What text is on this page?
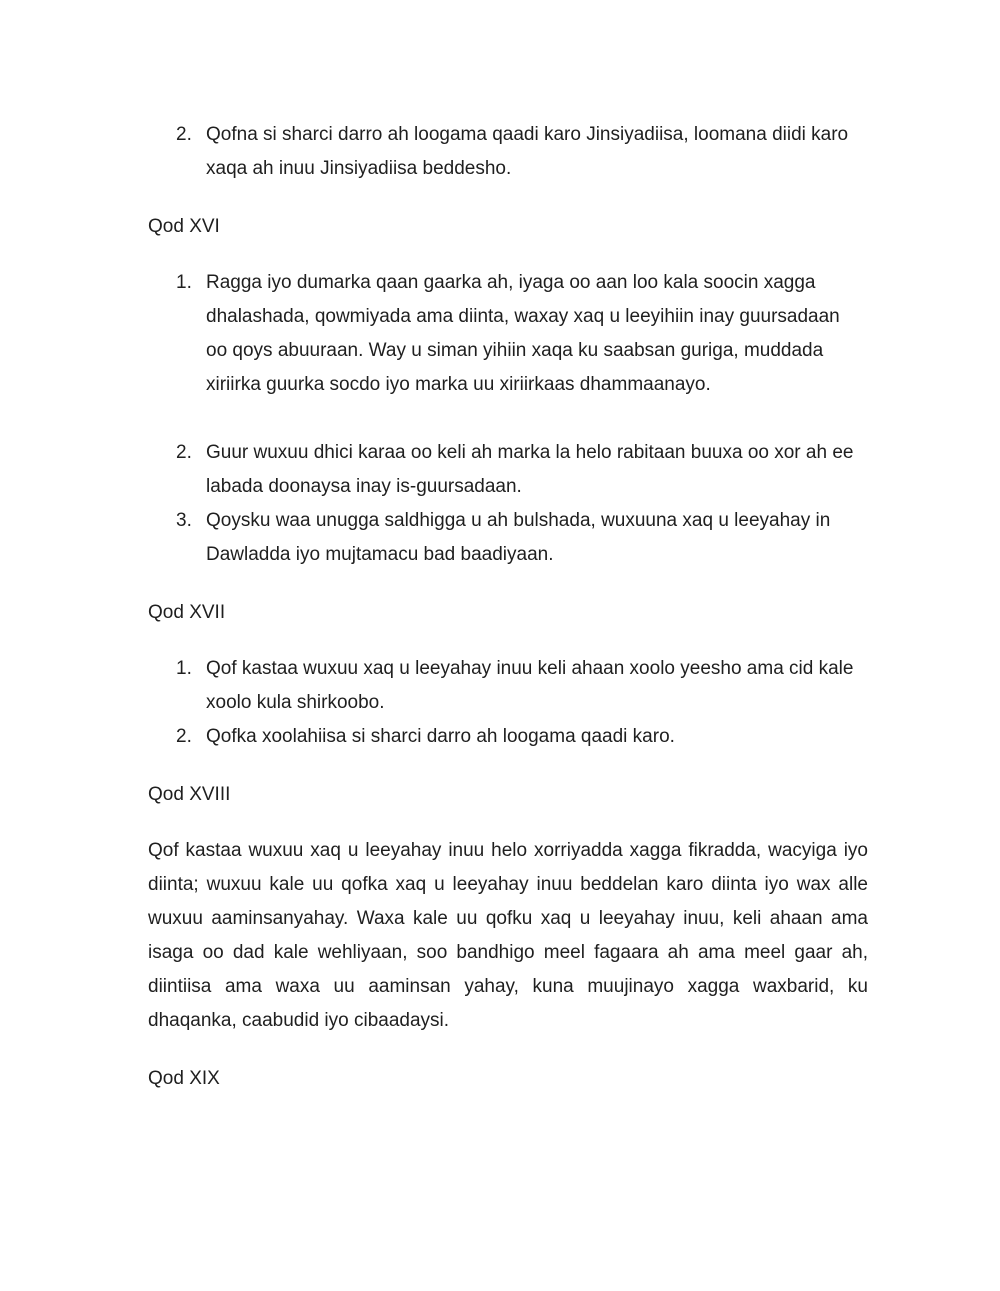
2. Qofna si sharci darro ah loogama qaadi karo Jinsiyadiisa, loomana diidi karo xaqa ah inuu Jinsiyadiisa beddesho.
Qod XVI
1. Ragga iyo dumarka qaan gaarka ah, iyaga oo aan loo kala soocin xagga dhalashada, qowmiyada ama diinta, waxay xaq u leeyihiin inay guursadaan oo qoys abuuraan. Way u siman yihiin xaqa ku saabsan guriga, muddada xiriirka guurka socdo iyo marka uu xiriirkaas dhammaanayo.
2. Guur wuxuu dhici karaa oo keli ah marka la helo rabitaan buuxa oo xor ah ee labada doonaysa inay is-guursadaan.
3. Qoysku waa unugga saldhigga u ah bulshada, wuxuuna xaq u leeyahay in Dawladda iyo mujtamacu bad baadiyaan.
Qod XVII
1. Qof kastaa wuxuu xaq u leeyahay inuu keli ahaan xoolo yeesho ama cid kale xoolo kula shirkoobo.
2. Qofka xoolahiisa si sharci darro ah loogama qaadi karo.
Qod XVIII
Qof kastaa wuxuu xaq u leeyahay inuu helo xorriyadda xagga fikradda, wacyiga iyo diinta; wuxuu kale uu qofka xaq u leeyahay inuu beddelan karo diinta iyo wax alle wuxuu aaminsanyahay. Waxa kale uu qofku xaq u leeyahay inuu, keli ahaan ama isaga oo dad kale wehliyaan, soo bandhigo meel fagaara ah ama meel gaar ah, diintiisa ama waxa uu aaminsan yahay, kuna muujinayo xagga waxbarid, ku dhaqanka, caabudid iyo cibaadaysi.
Qod XIX
